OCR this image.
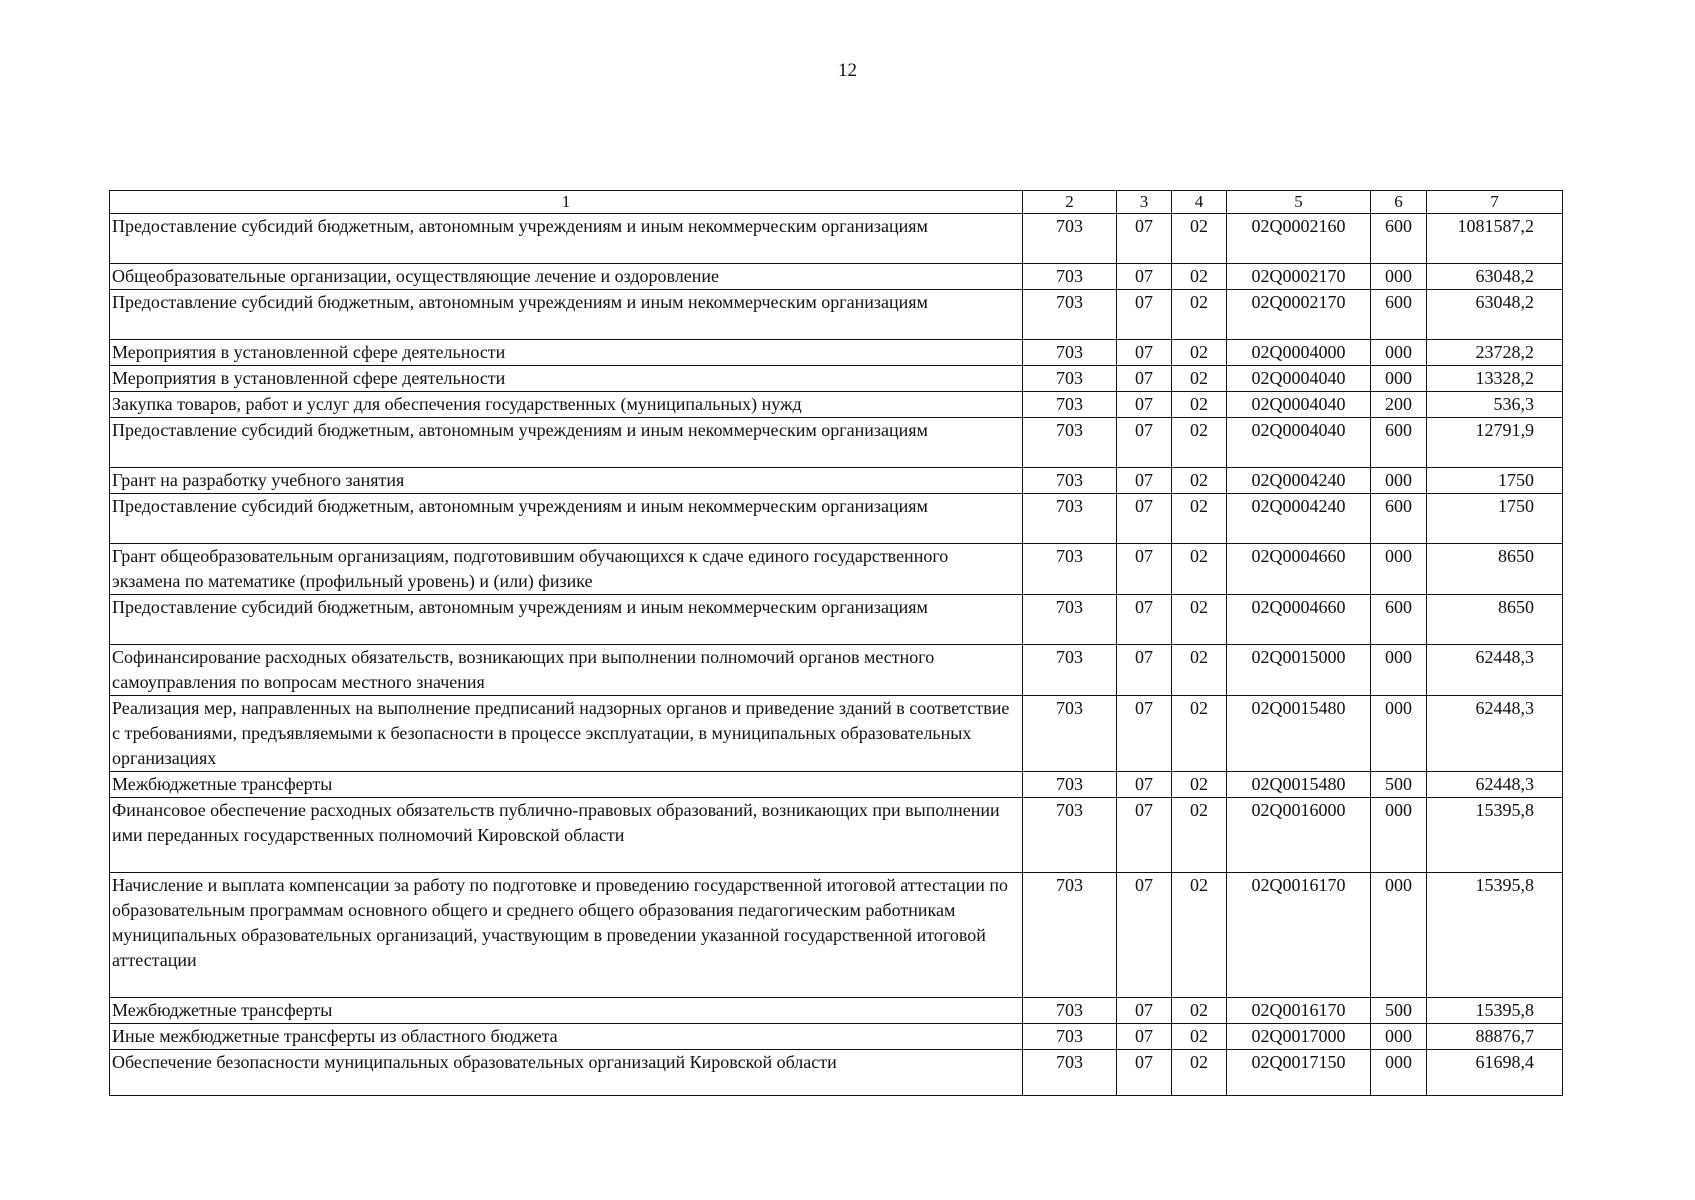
12
1	2	3	4	5	6	7
Предоставление субсидий бюджетным, автономным учреждениям и иным некоммерческим организациям	703	07	02	02Q0002160	600	1081587,2
Общеобразовательные организации, осуществляющие лечение и оздоровление	703	07	02	02Q0002170	000	63048,2
Предоставление субсидий бюджетным, автономным учреждениям и иным некоммерческим организациям	703	07	02	02Q0002170	600	63048,2
Мероприятия в установленной сфере деятельности	703	07	02	02Q0004000	000	23728,2
Мероприятия в установленной сфере деятельности	703	07	02	02Q0004040	000	13328,2
Закупка товаров, работ и услуг для обеспечения государственных (муниципальных) нужд	703	07	02	02Q0004040	200	536,3
Предоставление субсидий бюджетным, автономным учреждениям и иным некоммерческим организациям	703	07	02	02Q0004040	600	12791,9
Грант на разработку учебного занятия	703	07	02	02Q0004240	000	1750
Предоставление субсидий бюджетным, автономным учреждениям и иным некоммерческим организациям	703	07	02	02Q0004240	600	1750
Грант общеобразовательным организациям, подготовившим обучающихся к сдаче единого государственного экзамена по математике (профильный уровень) и (или) физике	703	07	02	02Q0004660	000	8650
Предоставление субсидий бюджетным, автономным учреждениям и иным некоммерческим организациям	703	07	02	02Q0004660	600	8650
Софинансирование расходных обязательств, возникающих при выполнении полномочий органов местного самоуправления по вопросам местного значения	703	07	02	02Q0015000	000	62448,3
Реализация мер, направленных на выполнение предписаний надзорных органов и приведение зданий в соответствие с требованиями, предъявляемыми к безопасности в процессе эксплуатации, в муниципальных образовательных организациях	703	07	02	02Q0015480	000	62448,3
Межбюджетные трансферты	703	07	02	02Q0015480	500	62448,3
Финансовое обеспечение расходных обязательств публично-правовых образований, возникающих при выполнении ими переданных государственных полномочий Кировской области	703	07	02	02Q0016000	000	15395,8
Начисление и выплата компенсации за работу по подготовке и проведению государственной итоговой аттестации по образовательным программам основного общего и среднего общего образования педагогическим работникам муниципальных образовательных организаций, участвующим в проведении указанной государственной итоговой аттестации	703	07	02	02Q0016170	000	15395,8
Межбюджетные трансферты	703	07	02	02Q0016170	500	15395,8
Иные межбюджетные трансферты из областного бюджета	703	07	02	02Q0017000	000	88876,7
Обеспечение безопасности муниципальных образовательных организаций Кировской области	703	07	02	02Q0017150	000	61698,4
